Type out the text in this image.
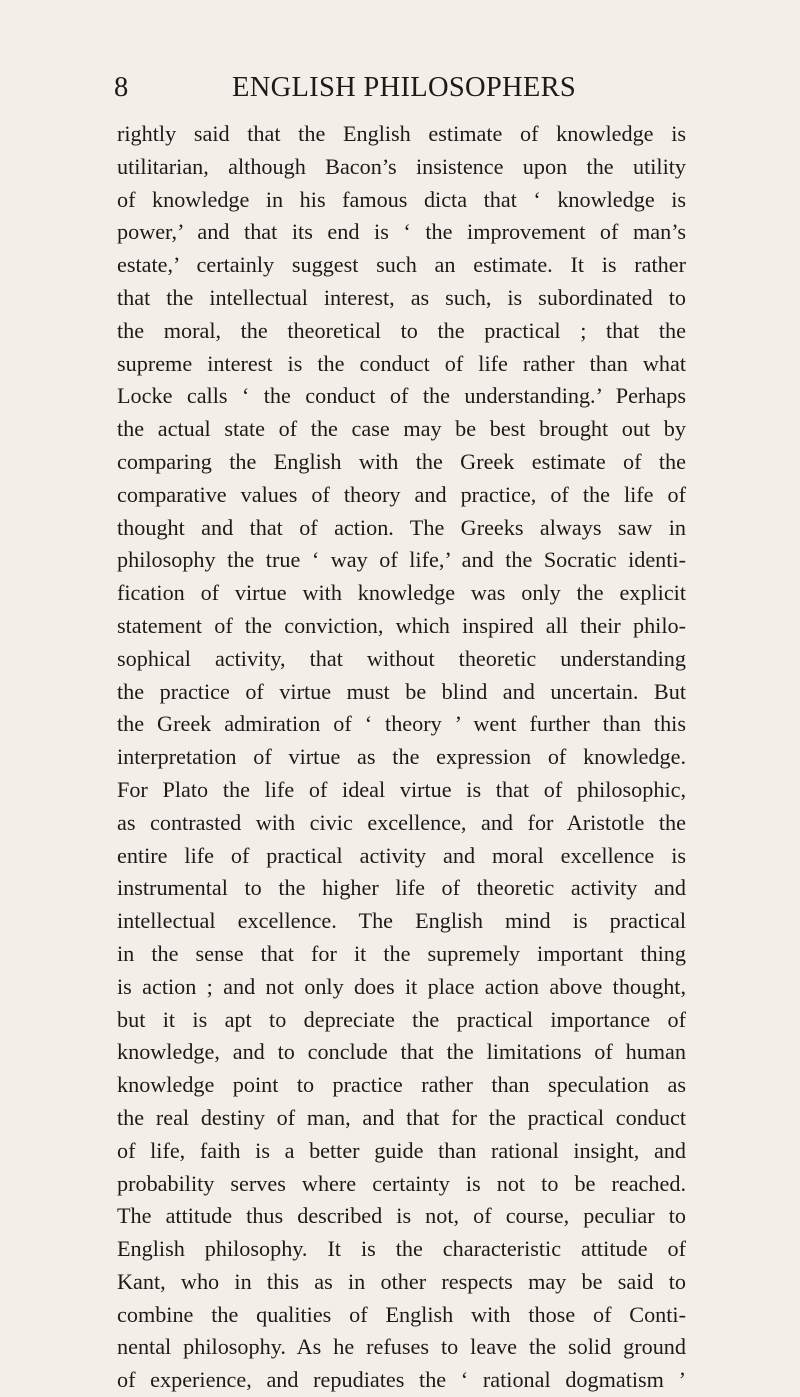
8	ENGLISH PHILOSOPHERS
rightly said that the English estimate of knowledge is
utilitarian, although Bacon’s insistence upon the utility
of knowledge in his famous dicta that ‘ knowledge is
power,’ and that its end is ‘ the improvement of man’s
estate,’ certainly suggest such an estimate. It is rather
that the intellectual interest, as such, is subordinated to
the moral, the theoretical to the practical ; that the
supreme interest is the conduct of life rather than what
Locke calls ‘ the conduct of the understanding.’ Perhaps
the actual state of the case may be best brought out by
comparing the English with the Greek estimate of the
comparative values of theory and practice, of the life of
thought and that of action. The Greeks always saw in
philosophy the true ‘ way of life,’ and the Socratic identi-
fication of virtue with knowledge was only the explicit
statement of the conviction, which inspired all their philo-
sophical activity, that without theoretic understanding
the practice of virtue must be blind and uncertain. But
the Greek admiration of ‘ theory ’ went further than this
interpretation of virtue as the expression of knowledge.
For Plato the life of ideal virtue is that of philosophic,
as contrasted with civic excellence, and for Aristotle the
entire life of practical activity and moral excellence is
instrumental to the higher life of theoretic activity and
intellectual excellence. The English mind is practical
in the sense that for it the supremely important thing
is action ; and not only does it place action above thought,
but it is apt to depreciate the practical importance of
knowledge, and to conclude that the limitations of human
knowledge point to practice rather than speculation as
the real destiny of man, and that for the practical conduct
of life, faith is a better guide than rational insight, and
probability serves where certainty is not to be reached.
The attitude thus described is not, of course, peculiar to
English philosophy. It is the characteristic attitude of
Kant, who in this as in other respects may be said to
combine the qualities of English with those of Conti-
nental philosophy. As he refuses to leave the solid ground
of experience, and repudiates the ‘ rational dogmatism ’
